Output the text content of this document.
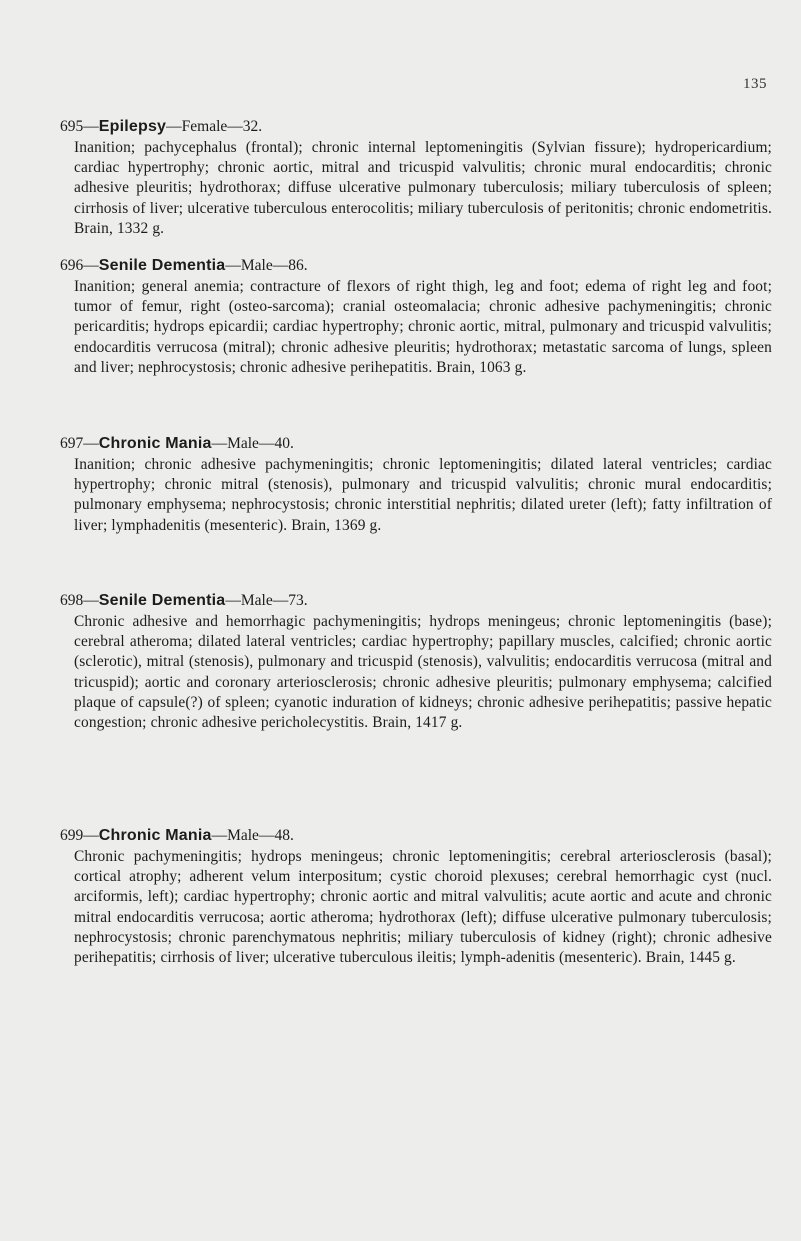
135
695—Epilepsy—Female—32.
Inanition; pachycephalus (frontal); chronic internal leptomeningitis (Sylvian fissure); hydropericardium; cardiac hypertrophy; chronic aortic, mitral and tricuspid valvulitis; chronic mural endocarditis; chronic adhesive pleuritis; hydrothorax; diffuse ulcerative pulmonary tuberculosis; miliary tuberculosis of spleen; cirrhosis of liver; ulcerative tuberculous enterocolitis; miliary tuberculosis of peritonitis; chronic endometritis. Brain, 1332 g.
696—Senile Dementia—Male—86.
Inanition; general anemia; contracture of flexors of right thigh, leg and foot; edema of right leg and foot; tumor of femur, right (osteo-sarcoma); cranial osteomalacia; chronic adhesive pachymeningitis; chronic pericarditis; hydrops epicardii; cardiac hypertrophy; chronic aortic, mitral, pulmonary and tricuspid valvulitis; endocarditis verrucosa (mitral); chronic adhesive pleuritis; hydrothorax; metastatic sarcoma of lungs, spleen and liver; nephrocystosis; chronic adhesive perihepatitis. Brain, 1063 g.
697—Chronic Mania—Male—40.
Inanition; chronic adhesive pachymeningitis; chronic leptomeningitis; dilated lateral ventricles; cardiac hypertrophy; chronic mitral (stenosis), pulmonary and tricuspid valvulitis; chronic mural endocarditis; pulmonary emphysema; nephrocystosis; chronic interstitial nephritis; dilated ureter (left); fatty infiltration of liver; lymphadenitis (mesenteric). Brain, 1369 g.
698—Senile Dementia—Male—73.
Chronic adhesive and hemorrhagic pachymeningitis; hydrops meningeus; chronic leptomeningitis (base); cerebral atheroma; dilated lateral ventricles; cardiac hypertrophy; papillary muscles, calcified; chronic aortic (sclerotic), mitral (stenosis), pulmonary and tricuspid (stenosis), valvulitis; endocarditis verrucosa (mitral and tricuspid); aortic and coronary arteriosclerosis; chronic adhesive pleuritis; pulmonary emphysema; calcified plaque of capsule(?) of spleen; cyanotic induration of kidneys; chronic adhesive perihepatitis; passive hepatic congestion; chronic adhesive pericholecystitis. Brain, 1417 g.
699—Chronic Mania—Male—48.
Chronic pachymeningitis; hydrops meningeus; chronic leptomeningitis; cerebral arteriosclerosis (basal); cortical atrophy; adherent velum interpositum; cystic choroid plexuses; cerebral hemorrhagic cyst (nucl. arciformis, left); cardiac hypertrophy; chronic aortic and mitral valvulitis; acute aortic and acute and chronic mitral endocarditis verrucosa; aortic atheroma; hydrothorax (left); diffuse ulcerative pulmonary tuberculosis; nephrocystosis; chronic parenchymatous nephritis; miliary tuberculosis of kidney (right); chronic adhesive perihepatitis; cirrhosis of liver; ulcerative tuberculous ileitis; lymph-adenitis (mesenteric). Brain, 1445 g.
